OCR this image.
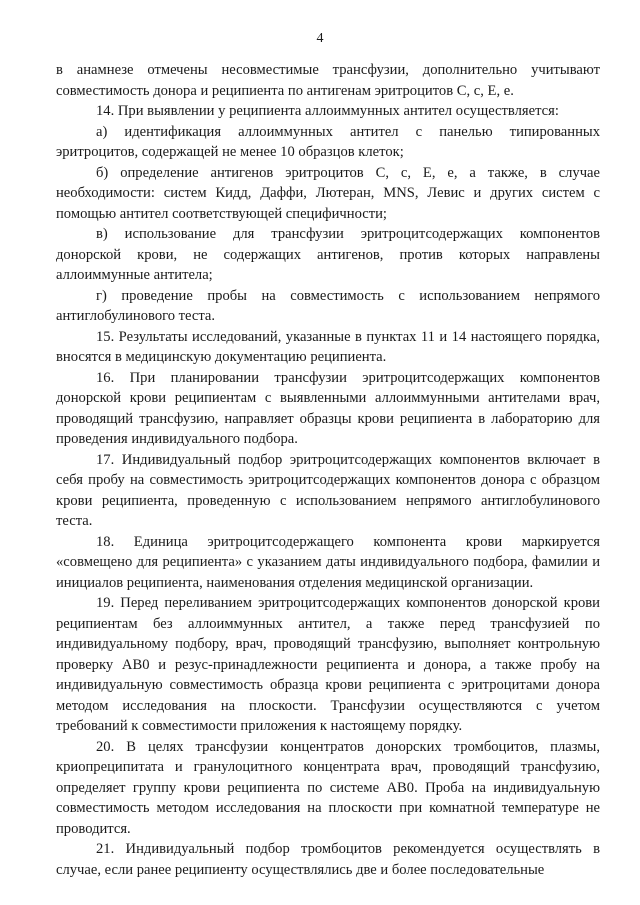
4

в анамнезе отмечены несовместимые трансфузии, дополнительно учитывают совместимость донора и реципиента по антигенам эритроцитов С, с, Е, е.

14. При выявлении у реципиента аллоиммунных антител осуществляется:

а) идентификация аллоиммунных антител с панелью типированных эритроцитов, содержащей не менее 10 образцов клеток;

б) определение антигенов эритроцитов С, с, Е, е, а также, в случае необходимости: систем Кидд, Даффи, Лютеран, MNS, Левис и других систем с помощью антител соответствующей специфичности;

в) использование для трансфузии эритроцитсодержащих компонентов донорской крови, не содержащих антигенов, против которых направлены аллоиммунные антитела;

г) проведение пробы на совместимость с использованием непрямого антиглобулинового теста.

15. Результаты исследований, указанные в пунктах 11 и 14 настоящего порядка, вносятся в медицинскую документацию реципиента.

16. При планировании трансфузии эритроцитсодержащих компонентов донорской крови реципиентам с выявленными аллоиммунными антителами врач, проводящий трансфузию, направляет образцы крови реципиента в лабораторию для проведения индивидуального подбора.

17. Индивидуальный подбор эритроцитсодержащих компонентов включает в себя пробу на совместимость эритроцитсодержащих компонентов донора с образцом крови реципиента, проведенную с использованием непрямого антиглобулинового теста.

18. Единица эритроцитсодержащего компонента крови маркируется «совмещено для реципиента» с указанием даты индивидуального подбора, фамилии и инициалов реципиента, наименования отделения медицинской организации.

19. Перед переливанием эритроцитсодержащих компонентов донорской крови реципиентам без аллоиммунных антител, а также перед трансфузией по индивидуальному подбору, врач, проводящий трансфузию, выполняет контрольную проверку АВ0 и резус-принадлежности реципиента и донора, а также пробу на индивидуальную совместимость образца крови реципиента с эритроцитами донора методом исследования на плоскости. Трансфузии осуществляются с учетом требований к совместимости приложения к настоящему порядку.

20. В целях трансфузии концентратов донорских тромбоцитов, плазмы, криопреципитата и гранулоцитного концентрата врач, проводящий трансфузию, определяет группу крови реципиента по системе АВ0. Проба на индивидуальную совместимость методом исследования на плоскости при комнатной температуре не проводится.

21. Индивидуальный подбор тромбоцитов рекомендуется осуществлять в случае, если ранее реципиенту осуществлялись две и более последовательные
